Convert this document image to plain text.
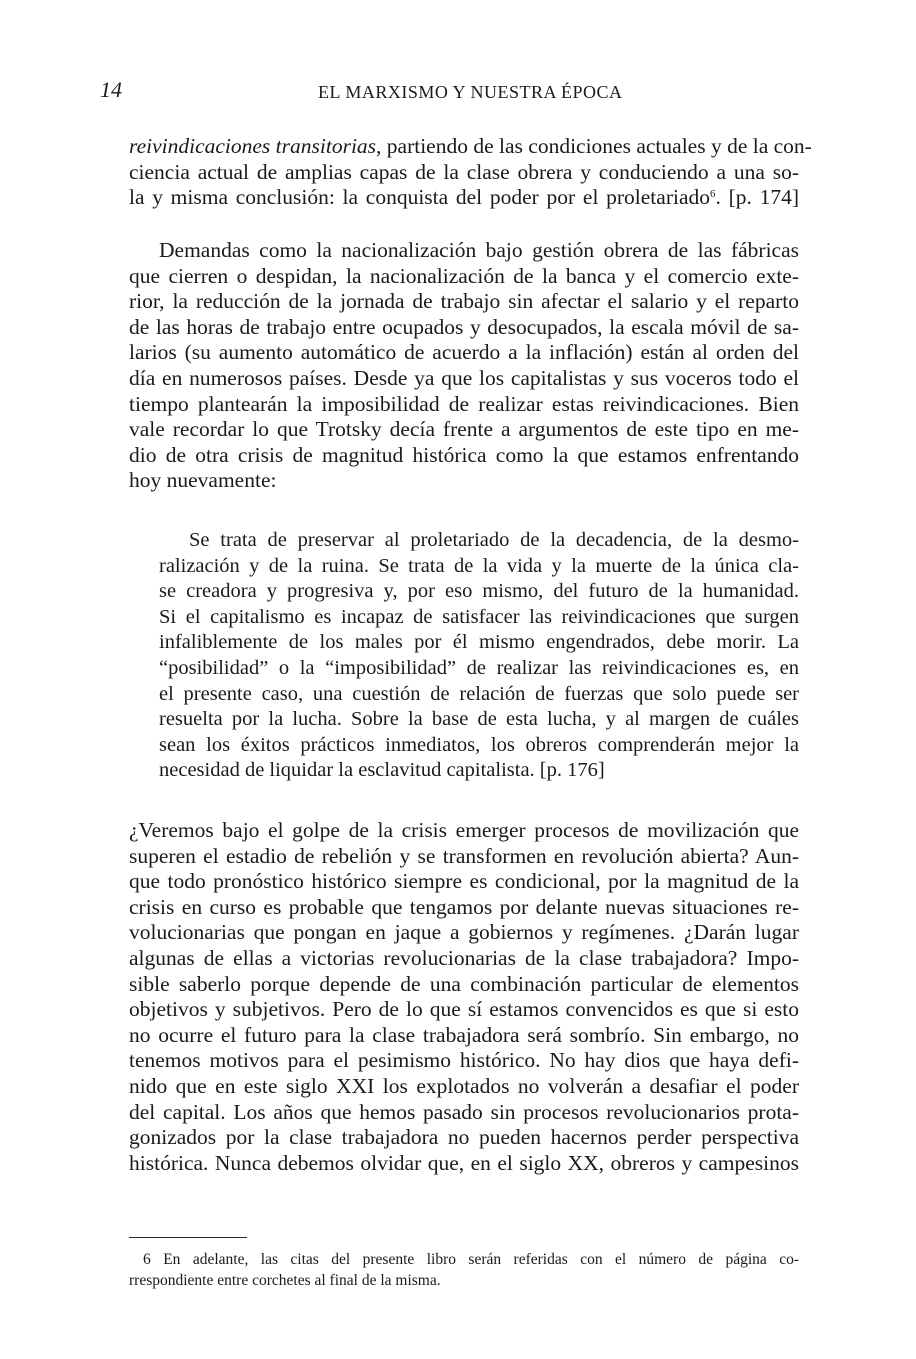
14	EL MARXISMO Y NUESTRA ÉPOCA
reivindicaciones transitorias, partiendo de las condiciones actuales y de la con-
ciencia actual de amplias capas de la clase obrera y conduciendo a una so-
la y misma conclusión: la conquista del poder por el proletariado$^6$. [p. 174]
Demandas como la nacionalización bajo gestión obrera de las fábricas
que cierren o despidan, la nacionalización de la banca y el comercio exte-
rior, la reducción de la jornada de trabajo sin afectar el salario y el reparto
de las horas de trabajo entre ocupados y desocupados, la escala móvil de sa-
larios (su aumento automático de acuerdo a la inflación) están al orden del
día en numerosos países. Desde ya que los capitalistas y sus voceros todo el
tiempo plantearán la imposibilidad de realizar estas reivindicaciones. Bien
vale recordar lo que Trotsky decía frente a argumentos de este tipo en me-
dio de otra crisis de magnitud histórica como la que estamos enfrentando
hoy nuevamente:
Se trata de preservar al proletariado de la decadencia, de la desmo-
ralización y de la ruina. Se trata de la vida y la muerte de la única cla-
se creadora y progresiva y, por eso mismo, del futuro de la humanidad.
Si el capitalismo es incapaz de satisfacer las reivindicaciones que surgen
infaliblemente de los males por él mismo engendrados, debe morir. La
“posibilidad” o la “imposibilidad” de realizar las reivindicaciones es, en
el presente caso, una cuestión de relación de fuerzas que solo puede ser
resuelta por la lucha. Sobre la base de esta lucha, y al margen de cuáles
sean los éxitos prácticos inmediatos, los obreros comprenderán mejor la
necesidad de liquidar la esclavitud capitalista. [p. 176]
¿Veremos bajo el golpe de la crisis emerger procesos de movilización que
superen el estadio de rebelión y se transformen en revolución abierta? Aun-
que todo pronóstico histórico siempre es condicional, por la magnitud de la
crisis en curso es probable que tengamos por delante nuevas situaciones re-
volucionarias que pongan en jaque a gobiernos y regímenes. ¿Darán lugar
algunas de ellas a victorias revolucionarias de la clase trabajadora? Impo-
sible saberlo porque depende de una combinación particular de elementos
objetivos y subjetivos. Pero de lo que sí estamos convencidos es que si esto
no ocurre el futuro para la clase trabajadora será sombrío. Sin embargo, no
tenemos motivos para el pesimismo histórico. No hay dios que haya defi-
nido que en este siglo XXI los explotados no volverán a desafiar el poder
del capital. Los años que hemos pasado sin procesos revolucionarios prota-
gonizados por la clase trabajadora no pueden hacernos perder perspectiva
histórica. Nunca debemos olvidar que, en el siglo XX, obreros y campesinos
6 En adelante, las citas del presente libro serán referidas con el número de página co-
rrespondiente entre corchetes al final de la misma.
